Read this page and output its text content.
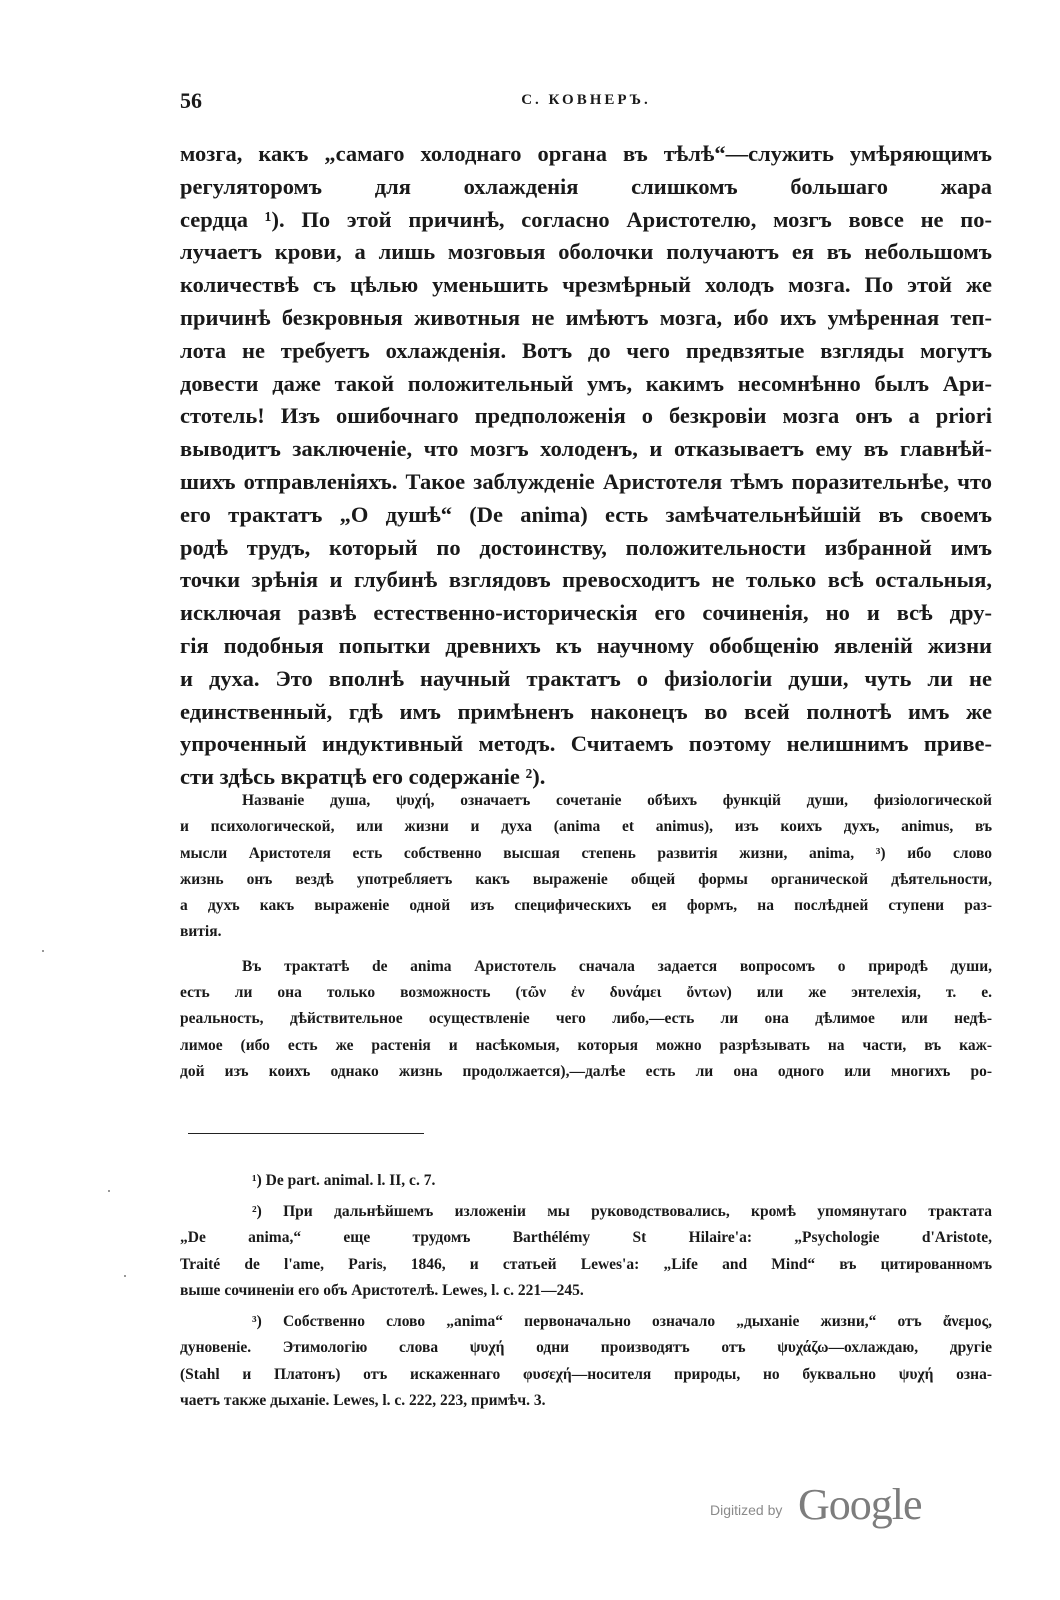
56	С. КОВНЕРЪ.
мозга, какъ „самаго холоднаго органа въ тѣлѣ“—служить умѣряющимъ
регуляторомъ для охлажденія слишкомъ большаго жара
сердца ¹). По этой причинѣ, согласно Аристотелю, мозгъ вовсе не по-
лучаетъ крови, а лишь мозговыя оболочки получаютъ ея въ небольшомъ
количествѣ съ цѣлью уменьшить чрезмѣрный холодъ мозга. По этой же
причинѣ безкровныя животныя не имѣютъ мозга, ибо ихъ умѣренная теп-
лота не требуетъ охлажденія. Вотъ до чего предвзятые взгляды могутъ
довести даже такой положительный умъ, какимъ несомнѣнно былъ Ари-
стотель! Изъ ошибочнаго предположенія о безкровіи мозга онъ a priori
выводитъ заключеніе, что мозгъ холоденъ, и отказываетъ ему въ главнѣй-
шихъ отправленіяхъ. Такое заблужденіе Аристотеля тѣмъ поразительнѣе, что
его трактатъ „О душѣ“ (De anima) есть замѣчательнѣйшій въ своемъ
родѣ трудъ, который по достоинству, положительности избранной имъ
точки зрѣнія и глубинѣ взглядовъ превосходитъ не только всѣ остальныя,
исключая развѣ естественно-историческія его сочиненія, но и всѣ дру-
гія подобныя попытки древнихъ къ научному обобщенію явленій жизни
и духа. Это вполнѣ научный трактатъ о физіологіи души, чуть ли не
единственный, гдѣ имъ примѣненъ наконецъ во всей полнотѣ имъ же
упроченный индуктивный методъ. Считаемъ поэтому нелишнимъ приве-
сти здѣсь вкратцѣ его содержаніе ²).
Названіе душа, ψυχή, означаетъ сочетаніе обѣихъ функцій души, физіологической
и психологической, или жизни и духа (anima et animus), изъ коихъ духъ, animus, въ
мысли Аристотеля есть собственно высшая степень развитія жизни, anima, ³) ибо слово
жизнь онъ вездѣ употребляетъ какъ выраженіе общей формы органической дѣятельности,
а духъ какъ выраженіе одной изъ специфическихъ ея формъ, на послѣдней ступени раз-
витія.
Въ трактатѣ de anima Аристотель сначала задается вопросомъ о природѣ души,
есть ли она только возможность (τῶν ἐν δυνάμει ὄντων) или же энтелехія, т. е.
реальность, дѣйствительное осуществленіе чего либо,—есть ли она дѣлимое или недѣ-
лимое (ибо есть же растенія и насѣкомыя, которыя можно разрѣзывать на части, въ каж-
дой изъ коихъ однако жизнь продолжается),—далѣе есть ли она одного или многихъ ро-
¹) De part. animal. l. II, c. 7.
²) При дальнѣйшемъ изложеніи мы руководствовались, кромѣ упомянутаго трактата
„De anima,“ еще трудомъ Barthélémy St Hilaire'a: „Psychologie d'Aristote,
Traité de l'ame, Paris, 1846, и статьей Lewes'a: „Life and Mind“ въ цитированномъ
выше сочиненіи его объ Аристотелѣ. Lewes, l. c. 221—245.
³) Собственно слово „anima“ первоначально означало „дыханіе жизни,“ отъ ἄνεμος,
дуновеніе. Этимологію слова ψυχή одни производятъ отъ ψυχάζω—охлаждаю, другіе
(Stahl и Платонъ) отъ искаженнаго φυσεχή—носителя природы, но буквально ψυχή озна-
чаетъ также дыханіе. Lewes, l. c. 222, 223, примѣч. 3.
Digitized by Google
